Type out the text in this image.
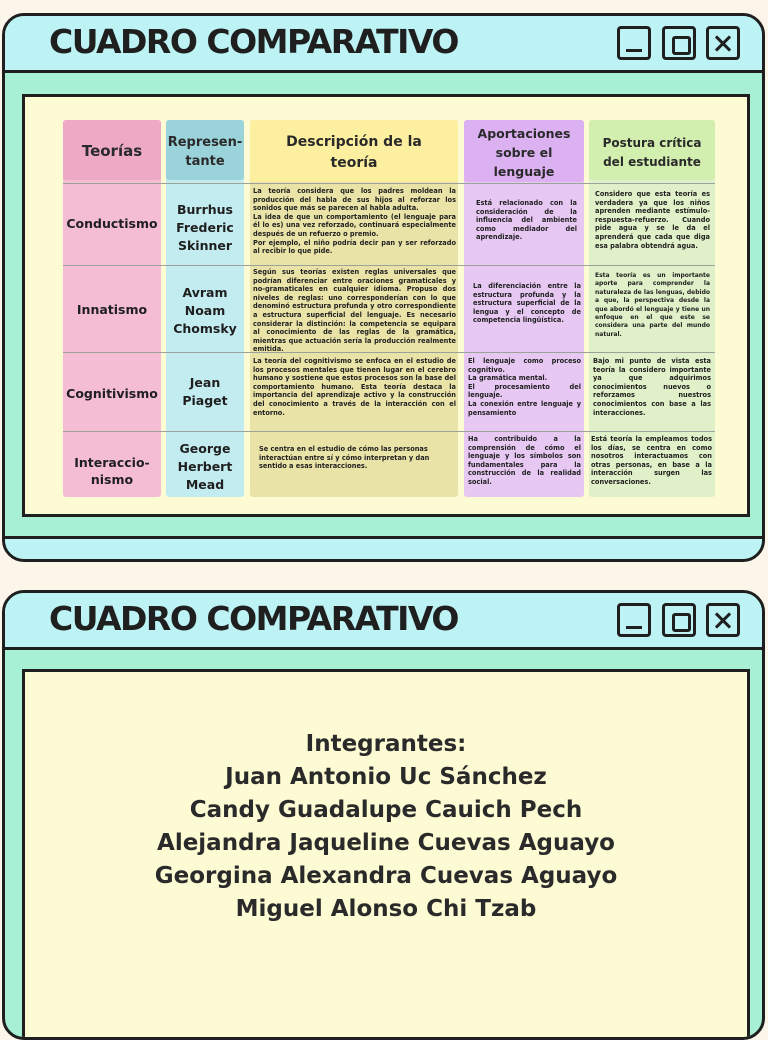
CUADRO COMPARATIVO
Teorías	Represen-
tante
Descripción de la
teoría
Aportaciones
sobre el
lenguaje
Postura crítica
del estudiante
Conductismo
Burrhus
Frederic
Skinner

La teoría considera que los padres moldean la producción del habla de sus hijos al reforzar los sonidos que más se parecen al habla adulta.

La idea de que un comportamiento (el lenguaje para él lo es) una vez reforzado, continuará especialmente después de un refuerzo o premio.

Por ejemplo, el niño podría decir pan y ser reforzado al recibir lo que pide.

Está relacionado con la consideración de la influencia del ambiente como mediador del aprendizaje.

Considero que esta teoría es verdadera ya que los niños aprenden mediante estímulo-respuesta-refuerzo. Cuando pide agua y se le da el aprenderá que cada que diga esa palabra obtendrá agua.

Innatismo
Avram
Noam
Chomsky

Según sus teorías existen reglas universales que podrían diferenciar entre oraciones gramaticales y no-gramaticales en cualquier idioma. Propuso dos niveles de reglas: uno corresponderían con lo que denominó estructura profunda y otro correspondiente a estructura superficial del lenguaje. Es necesario considerar la distinción: la competencia se equipara al conocimiento de las reglas de la gramática, mientras que actuación sería la producción realmente emitida.

La diferenciación entre la estructura profunda y la estructura superficial de la lengua y el concepto de competencia lingüística.

Esta teoría es un importante aporte para comprender la naturaleza de las lenguas, debido a que, la perspectiva desde la que abordó el lenguaje y tiene un enfoque en el que este se considera una parte del mundo natural.

Cognitivismo
Jean
Piaget

La teoría del cognitivismo se enfoca en el estudio de los procesos mentales que tienen lugar en el cerebro humano y sostiene que estos procesos son la base del comportamiento humano. Esta teoría destaca la importancia del aprendizaje activo y la construcción del conocimiento a través de la interacción con el entorno.

El lenguaje como proceso cognitivo.

La gramática mental.

El procesamiento del lenguaje.

La conexión entre lenguaje y pensamiento

Bajo mi punto de vista esta teoría la considero importante ya que adquirimos conocimientos nuevos o reforzamos nuestros conocimientos con base a las interacciones.

Interaccio-
nismo
George
Herbert
Mead

Se centra en el estudio de cómo las personas interactúan entre sí y cómo interpretan y dan sentido a esas interacciones.

Ha contribuido a la comprensión de cómo el lenguaje y los símbolos son fundamentales para la construcción de la realidad social.

Está teoría la empleamos todos los días, se centra en como nosotros interactuamos con otras personas, en base a la interacción surgen las conversaciones.

CUADRO COMPARATIVO
Integrantes:
Juan Antonio Uc Sánchez
Candy Guadalupe Cauich Pech
Alejandra Jaqueline Cuevas Aguayo
Georgina Alexandra Cuevas Aguayo
Miguel Alonso Chi Tzab
